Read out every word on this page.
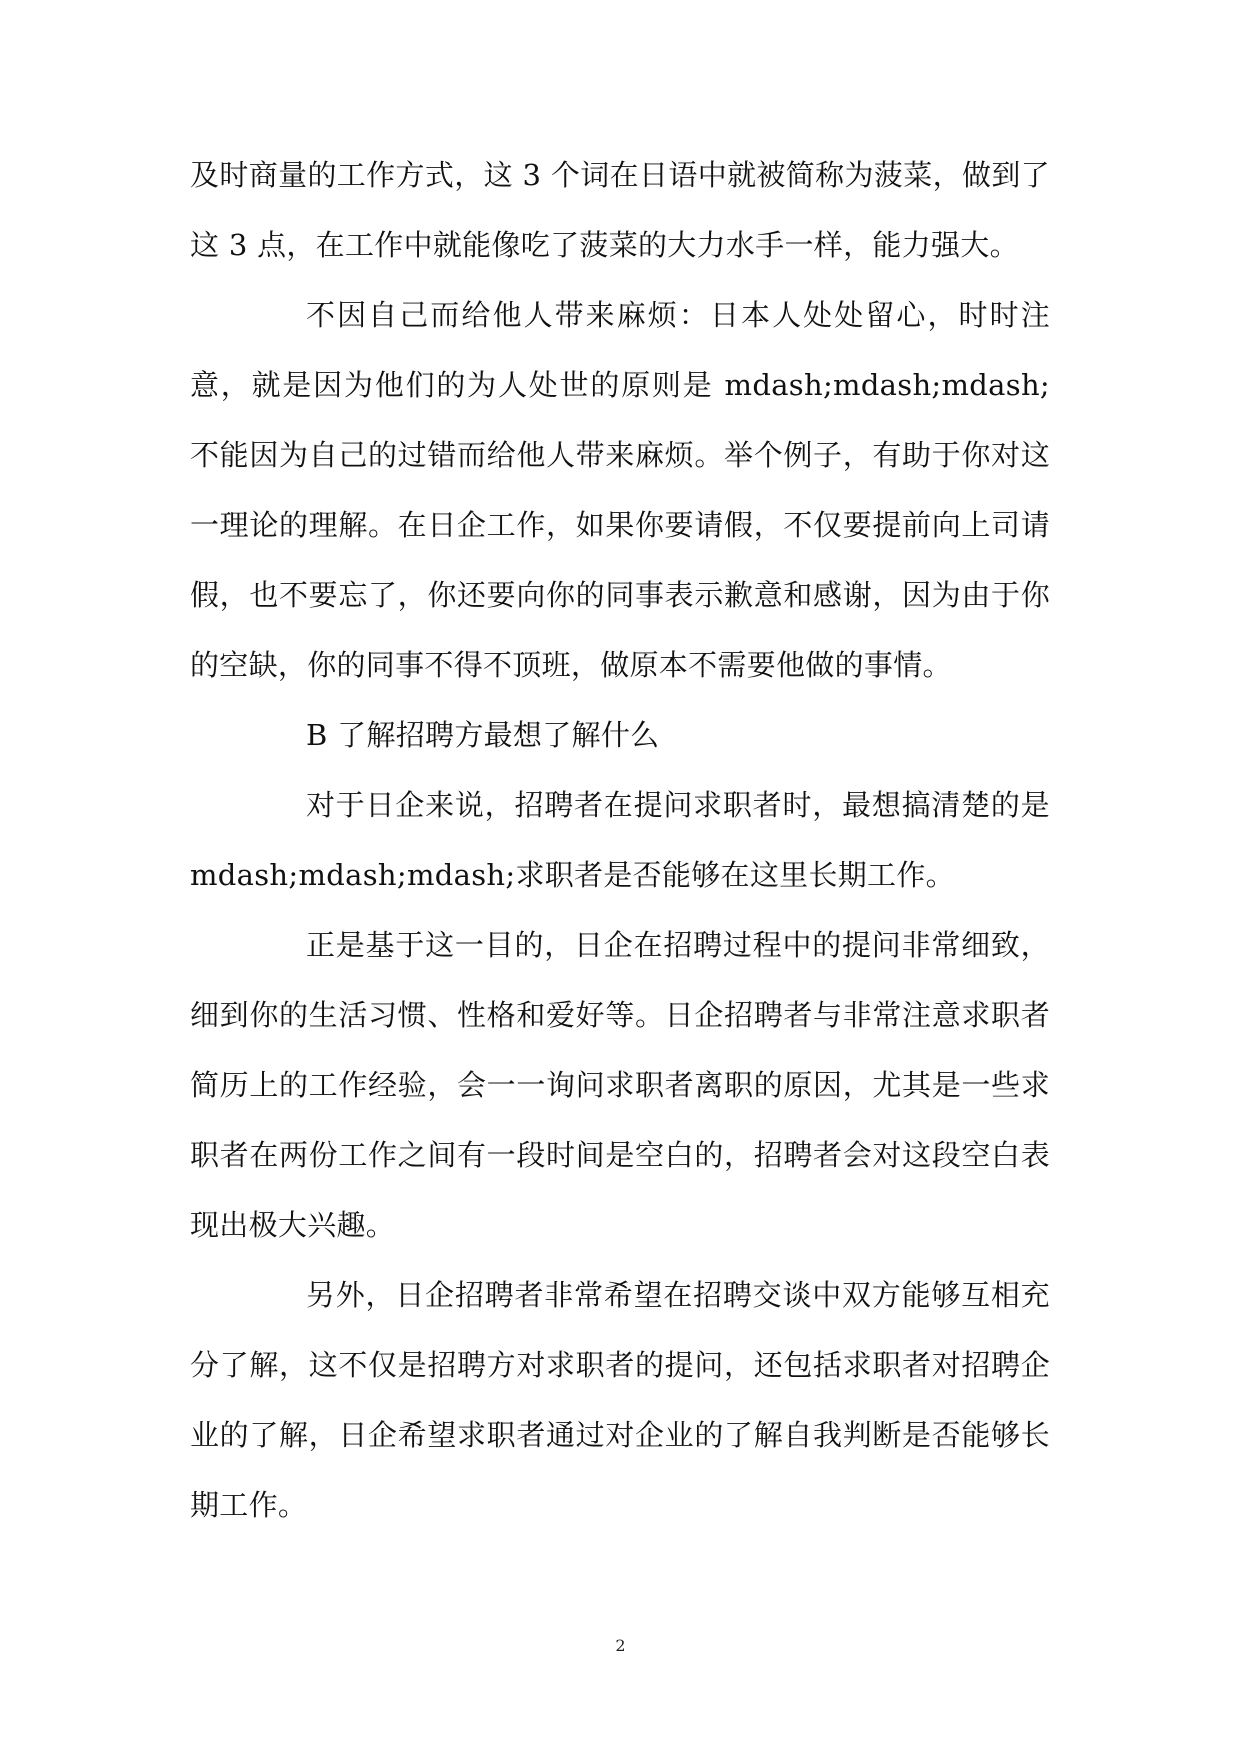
及时商量的工作方式，这 3 个词在日语中就被简称为菠菜，做到了这 3 点，在工作中就能像吃了菠菜的大力水手一样，能力强大。

不因自己而给他人带来麻烦：日本人处处留心，时时注意，就是因为他们的为人处世的原则是 mdash;mdash;mdash;不能因为自己的过错而给他人带来麻烦。举个例子，有助于你对这一理论的理解。在日企工作，如果你要请假，不仅要提前向上司请假，也不要忘了，你还要向你的同事表示歉意和感谢，因为由于你的空缺，你的同事不得不顶班，做原本不需要他做的事情。

B 了解招聘方最想了解什么

对于日企来说，招聘者在提问求职者时，最想搞清楚的是 mdash;mdash;mdash;求职者是否能够在这里长期工作。

正是基于这一目的，日企在招聘过程中的提问非常细致，细到你的生活习惯、性格和爱好等。日企招聘者与非常注意求职者简历上的工作经验，会一一询问求职者离职的原因，尤其是一些求职者在两份工作之间有一段时间是空白的，招聘者会对这段空白表现出极大兴趣。

另外，日企招聘者非常希望在招聘交谈中双方能够互相充分了解，这不仅是招聘方对求职者的提问，还包括求职者对招聘企业的了解，日企希望求职者通过对企业的了解自我判断是否能够长期工作。

2
